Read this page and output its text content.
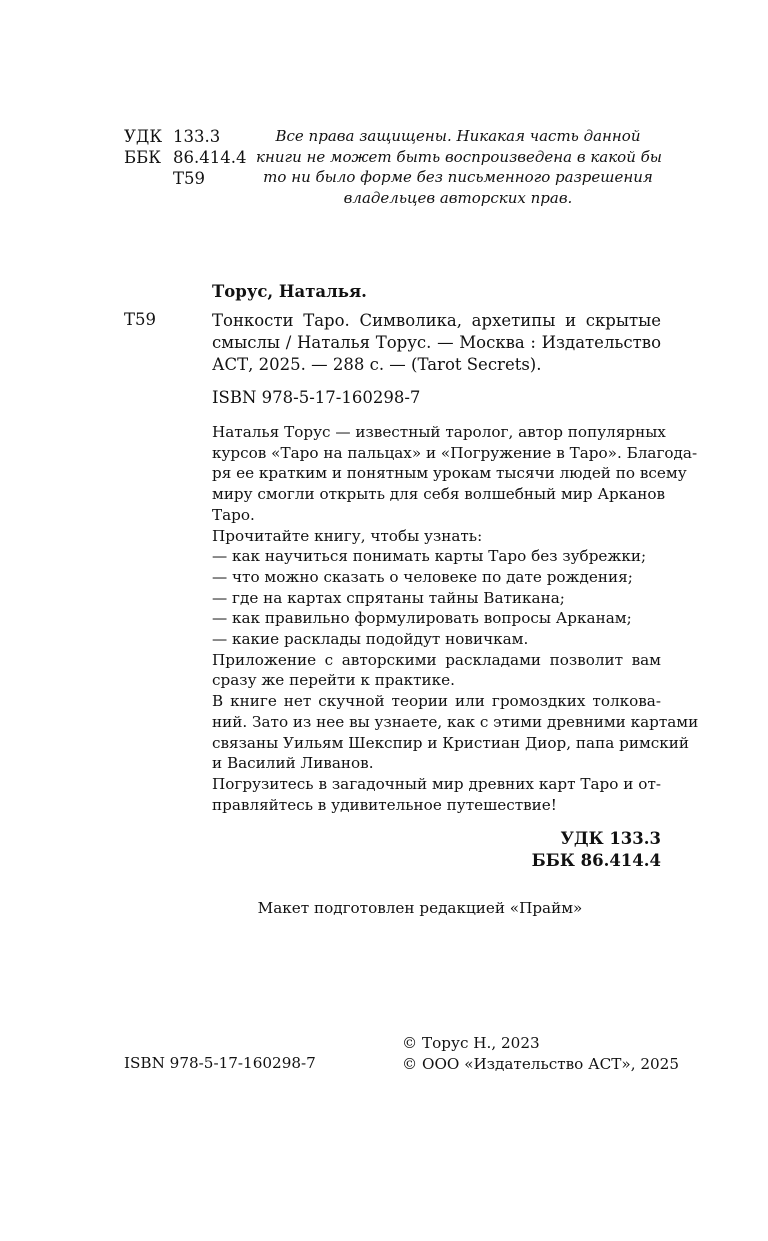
УДК 133.3
ББК 86.414.4
Т59
Все права защищены. Никакая часть данной
книги не может быть воспроизведена в какой бы
то ни было форме без письменного разрешения
владельцев авторских прав.
Торус, Наталья.
Т59	Тонкости Таро. Символика, архетипы и скрытые
смыслы / Наталья Торус. — Москва : Издательство
АСТ, 2025. — 288 с. — (Tarot Secrets).
ISBN 978-5-17-160298-7
Наталья Торус — известный таролог, автор популярных
курсов «Таро на пальцах» и «Погружение в Таро». Благода-
ря ее кратким и понятным урокам тысячи людей по всему
миру смогли открыть для себя волшебный мир Арканов
Таро.
Прочитайте книгу, чтобы узнать:
— как научиться понимать карты Таро без зубрежки;
— что можно сказать о человеке по дате рождения;
— где на картах спрятаны тайны Ватикана;
— как правильно формулировать вопросы Арканам;
— какие расклады подойдут новичкам.
Приложение с авторскими раскладами позволит вам
сразу же перейти к практике.
В книге нет скучной теории или громоздких толкова-
ний. Зато из нее вы узнаете, как с этими древними картами
связаны Уильям Шекспир и Кристиан Диор, папа римский
и Василий Ливанов.
Погрузитесь в загадочный мир древних карт Таро и от-
правляйтесь в удивительное путешествие!
УДК 133.3
ББК 86.414.4
Макет подготовлен редакцией «Прайм»
© Торус Н., 2023
© ООО «Издательство АСТ», 2025
ISBN 978-5-17-160298-7
